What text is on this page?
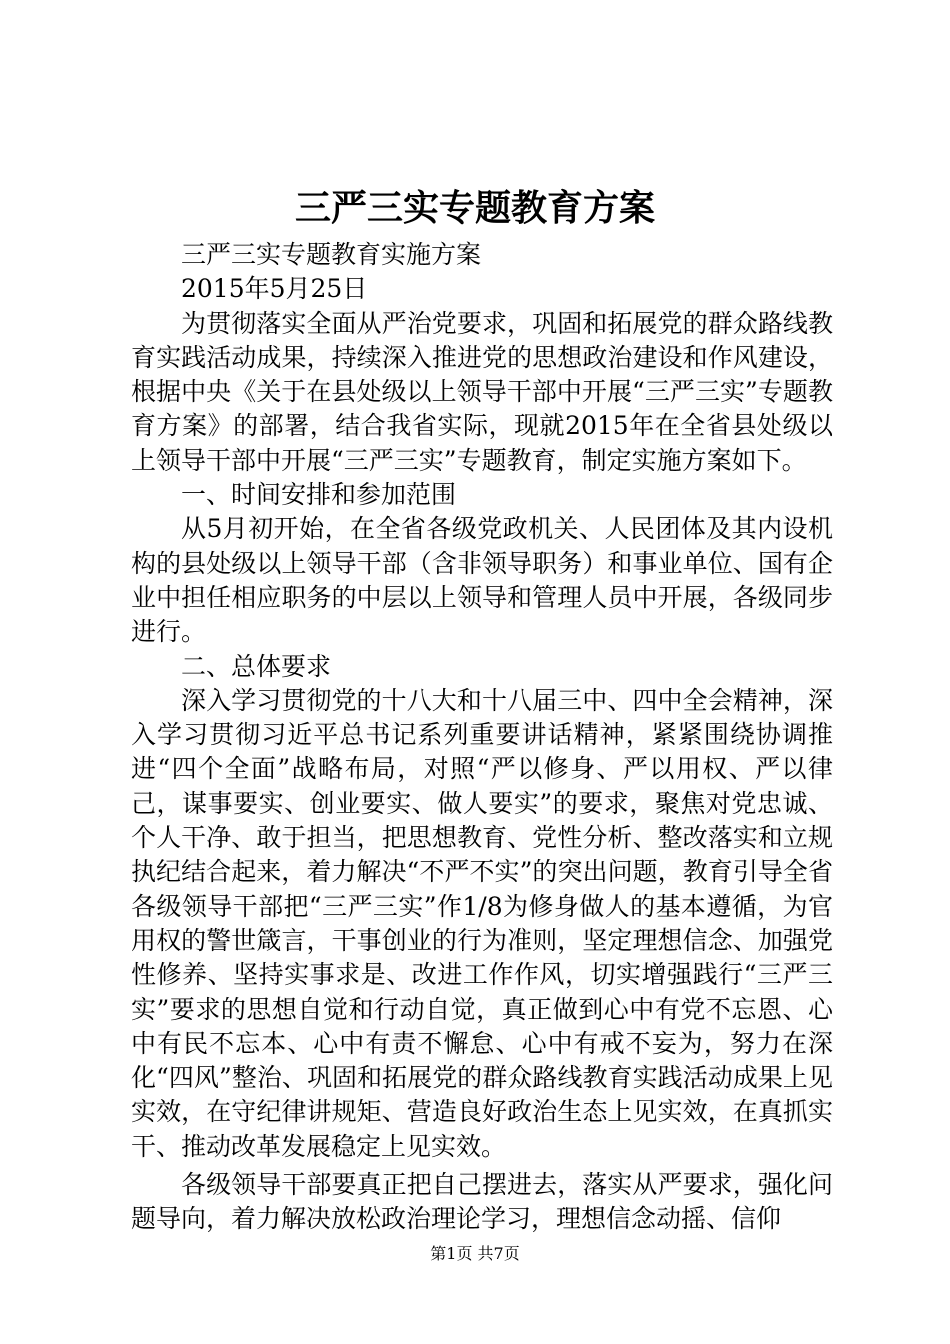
三严三实专题教育方案

三严三实专题教育实施方案

2015年5月25日

为贯彻落实全面从严治党要求，巩固和拓展党的群众路线教育实践活动成果，持续深入推进党的思想政治建设和作风建设，根据中央《关于在县处级以上领导干部中开展“三严三实”专题教育方案》的部署，结合我省实际，现就2015年在全省县处级以上领导干部中开展“三严三实”专题教育，制定实施方案如下。

一、时间安排和参加范围

从5月初开始，在全省各级党政机关、人民团体及其内设机构的县处级以上领导干部（含非领导职务）和事业单位、国有企业中担任相应职务的中层以上领导和管理人员中开展，各级同步进行。

二、总体要求

深入学习贯彻党的十八大和十八届三中、四中全会精神，深入学习贯彻习近平总书记系列重要讲话精神，紧紧围绕协调推进“四个全面”战略布局，对照“严以修身、严以用权、严以律己，谋事要实、创业要实、做人要实”的要求，聚焦对党忠诚、个人干净、敢于担当，把思想教育、党性分析、整改落实和立规执纪结合起来，着力解决“不严不实”的突出问题，教育引导全省各级领导干部把“三严三实”作1/8为修身做人的基本遵循，为官用权的警世箴言，干事创业的行为准则，坚定理想信念、加强党性修养、坚持实事求是、改进工作作风，切实增强践行“三严三实”要求的思想自觉和行动自觉，真正做到心中有党不忘恩、心中有民不忘本、心中有责不懈怠、心中有戒不妄为，努力在深化“四风”整治、巩固和拓展党的群众路线教育实践活动成果上见实效，在守纪律讲规矩、营造良好政治生态上见实效，在真抓实干、推动改革发展稳定上见实效。

各级领导干部要真正把自己摆进去，落实从严要求，强化问题导向，着力解决放松政治理论学习，理想信念动摇、信仰

第1页 共7页
